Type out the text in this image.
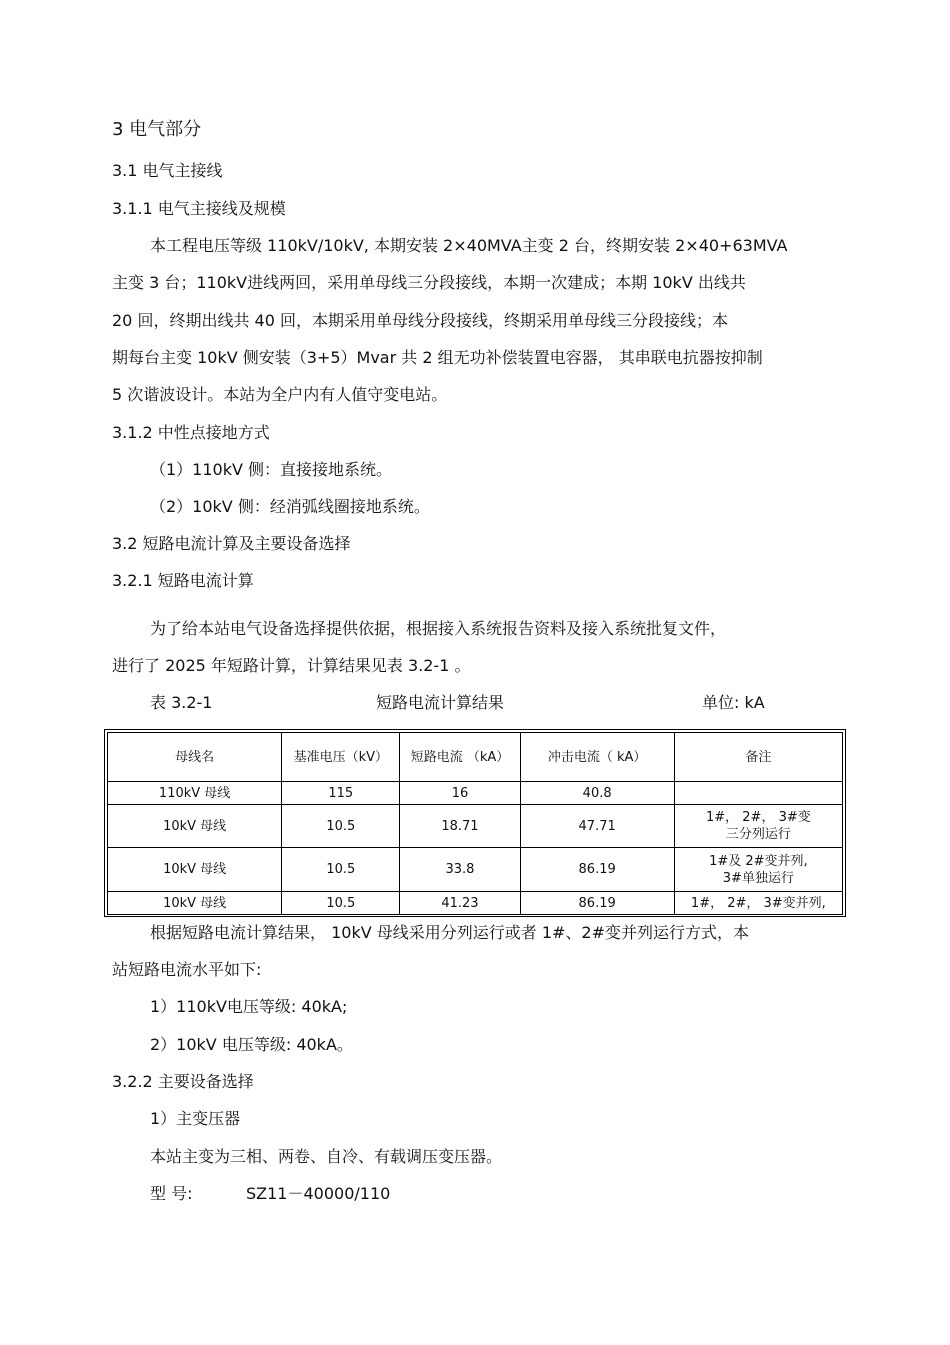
3 电气部分
3.1 电气主接线
3.1.1 电气主接线及规模
本工程电压等级 110kV/10kV, 本期安装 2×40MVA主变 2 台，终期安装 2×40+63MVA
主变 3 台；110kV进线两回，采用单母线三分段接线，本期一次建成；本期 10kV 出线共
20 回，终期出线共 40 回，本期采用单母线分段接线，终期采用单母线三分段接线；本
期每台主变 10kV 侧安装（3+5）Mvar 共 2 组无功补偿装置电容器， 其串联电抗器按抑制
5 次谐波设计。本站为全户内有人值守变电站。
3.1.2 中性点接地方式
（1）110kV 侧：直接接地系统。
（2）10kV 侧：经消弧线圈接地系统。
3.2 短路电流计算及主要设备选择
3.2.1 短路电流计算
为了给本站电气设备选择提供依据，根据接入系统报告资料及接入系统批复文件，
进行了 2025 年短路计算，计算结果见表 3.2-1 。
表 3.2-1	短路电流计算结果	单位: kA
母线名	基准电压（kV）	短路电流 （kA）	冲击电流（ kA）	备注
110kV 母线	115	16	40.8	
10kV 母线	10.5	18.71	47.71	1#， 2#， 3#变
三分列运行
10kV 母线	10.5	33.8	86.19	1#及 2#变并列,
3#单独运行
10kV 母线	10.5	41.23	86.19	1#， 2#， 3#变并列,
根据短路电流计算结果， 10kV 母线采用分列运行或者 1#、2#变并列运行方式，本
站短路电流水平如下:
1）110kV电压等级: 40kA;
2）10kV 电压等级: 40kA。
3.2.2 主要设备选择
1）主变压器
本站主变为三相、两卷、自冷、有载调压变压器。
型 号:	SZ11－40000/110
